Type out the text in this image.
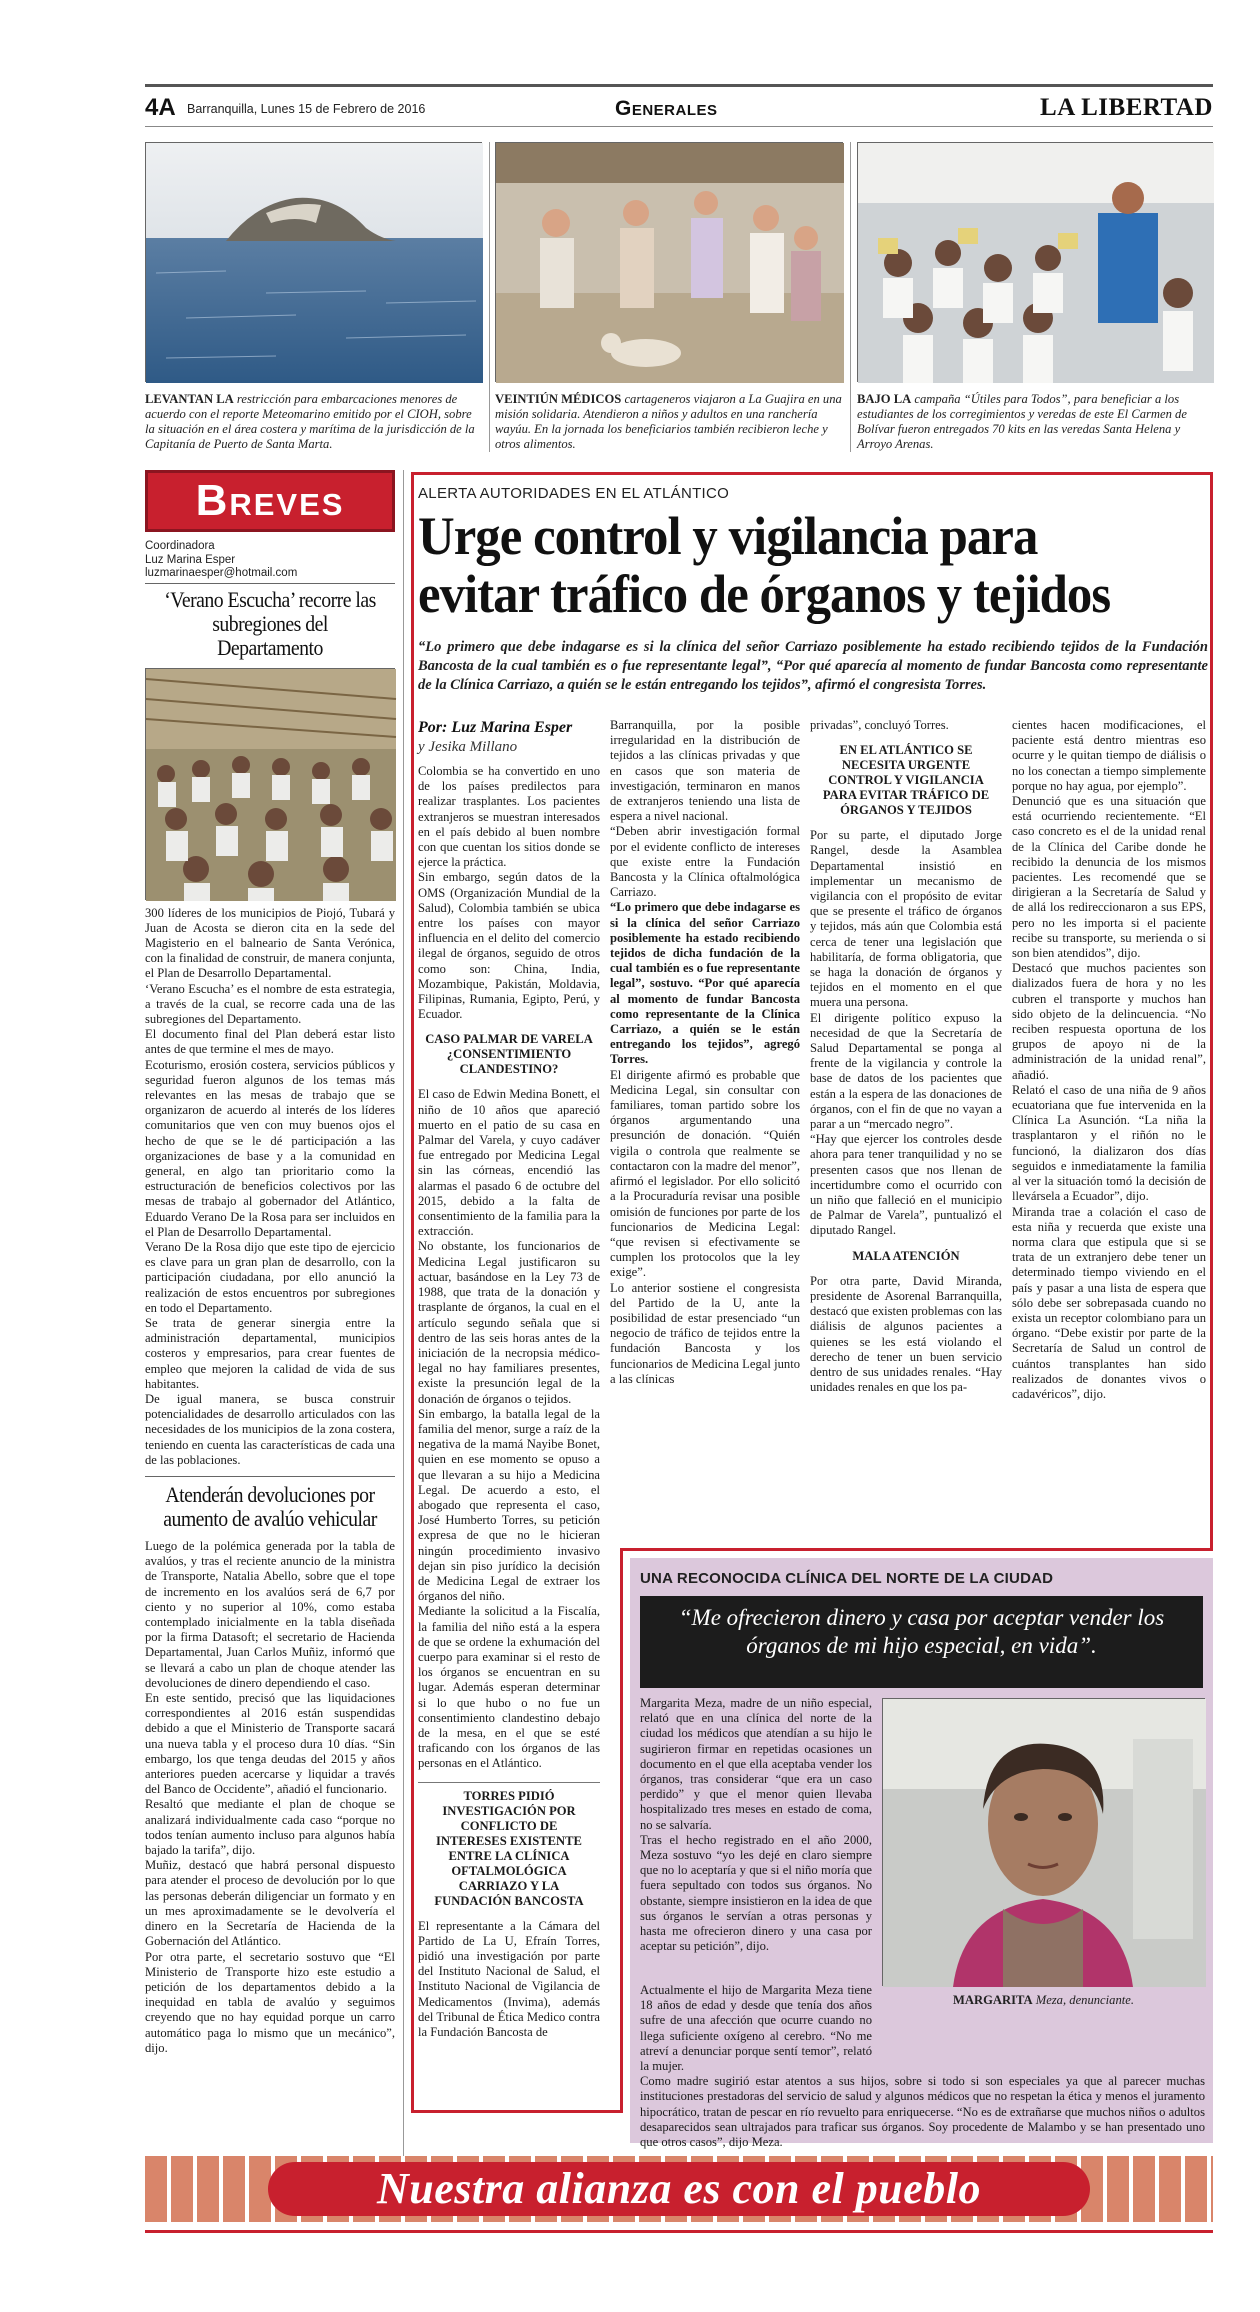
4A Barranquilla, Lunes 15 de Febrero de 2016	Generales	LA LIBERTAD
LEVANTAN LA restricción para embarcaciones menores de acuerdo con el reporte Meteomarino emitido por el CIOH, sobre la situación en el área costera y marítima de la jurisdicción de la Capitanía de Puerto de Santa Marta.
VEINTIÚN MÉDICOS cartageneros viajaron a La Guajira en una misión solidaria. Atendieron a niños y adultos en una ranchería wayúu. En la jornada los beneficiarios también recibieron leche y otros alimentos.
BAJO LA campaña “Útiles para Todos”, para beneficiar a los estudiantes de los corregimientos y veredas de este El Carmen de Bolívar fueron entregados 70 kits en las veredas Santa Helena y Arroyo Arenas.
Breves
Coordinadora
Luz Marina Esper
luzmarinaesper@hotmail.com
‘Verano Escucha’ recorre las subregiones del Departamento

300 líderes de los municipios de Piojó, Tubará y Juan de Acosta se dieron cita en la sede del Magisterio en el balneario de Santa Verónica, con la finalidad de construir, de manera conjunta, el Plan de Desarrollo Departamental.

‘Verano Escucha’ es el nombre de esta estrategia, a través de la cual, se recorre cada una de las subregiones del Departamento.

El documento final del Plan deberá estar listo antes de que termine el mes de mayo.

Ecoturismo, erosión costera, servicios públicos y seguridad fueron algunos de los temas más relevantes en las mesas de trabajo que se organizaron de acuerdo al interés de los líderes comunitarios que ven con muy buenos ojos el hecho de que se le dé participación a las organizaciones de base y a la comunidad en general, en algo tan prioritario como la estructuración de beneficios colectivos por las mesas de trabajo al gobernador del Atlántico, Eduardo Verano De la Rosa para ser incluidos en el Plan de Desarrollo Departamental.

Verano De la Rosa dijo que este tipo de ejercicio es clave para un gran plan de desarrollo, con la participación ciudadana, por ello anunció la realización de estos encuentros por subregiones en todo el Departamento.

Se trata de generar sinergia entre la administración departamental, municipios costeros y empresarios, para crear fuentes de empleo que mejoren la calidad de vida de sus habitantes.

De igual manera, se busca construir potencialidades de desarrollo articulados con las necesidades de los municipios de la zona costera, teniendo en cuenta las características de cada una de las poblaciones.

Atenderán devoluciones por aumento de avalúo vehicular

Luego de la polémica generada por la tabla de avalúos, y tras el reciente anuncio de la ministra de Transporte, Natalia Abello, sobre que el tope de incremento en los avalúos será de 6,7 por ciento y no superior al 10%, como estaba contemplado inicialmente en la tabla diseñada por la firma Datasoft; el secretario de Hacienda Departamental, Juan Carlos Muñiz, informó que se llevará a cabo un plan de choque atender las devoluciones de dinero dependiendo el caso.

En este sentido, precisó que las liquidaciones correspondientes al 2016 están suspendidas debido a que el Ministerio de Transporte sacará una nueva tabla y el proceso dura 10 días. “Sin embargo, los que tenga deudas del 2015 y años anteriores pueden acercarse y liquidar a través del Banco de Occidente”, añadió el funcionario.

Resaltó que mediante el plan de choque se analizará individualmente cada caso “porque no todos tenían aumento incluso para algunos había bajado la tarifa”, dijo.

Muñiz, destacó que habrá personal dispuesto para atender el proceso de devolución por lo que las personas deberán diligenciar un formato y en un mes aproximadamente se le devolvería el dinero en la Secretaría de Hacienda de la Gobernación del Atlántico.

Por otra parte, el secretario sostuvo que “El Ministerio de Transporte hizo este estudio a petición de los departamentos debido a la inequidad en tabla de avalúo y seguimos creyendo que no hay equidad porque un carro automático paga lo mismo que un mecánico”, dijo.

ALERTA AUTORIDADES EN EL ATLÁNTICO
Urge control y vigilancia para
evitar tráfico de órganos y tejidos
“Lo primero que debe indagarse es si la clínica del señor Carriazo posiblemente ha estado recibiendo tejidos de la Fundación Bancosta de la cual también es o fue representante legal”, “Por qué aparecía al momento de fundar Bancosta como representante de la Clínica Carriazo, a quién se le están entregando los tejidos”, afirmó el congresista Torres.
Por: Luz Marina Esper
y Jesika Millano

Colombia se ha convertido en uno de los países predilectos para realizar trasplantes. Los pacientes extranjeros se muestran interesados en el país debido al buen nombre con que cuentan los sitios donde se ejerce la práctica.

Sin embargo, según datos de la OMS (Organización Mundial de la Salud), Colombia también se ubica entre los países con mayor influencia en el delito del comercio ilegal de órganos, seguido de otros como son: China, India, Mozambique, Pakistán, Moldavia, Filipinas, Rumania, Egipto, Perú, y Ecuador.

CASO PALMAR DE VARELA ¿CONSENTIMIENTO CLANDESTINO?

El caso de Edwin Medina Bonett, el niño de 10 años que apareció muerto en el patio de su casa en Palmar del Varela, y cuyo cadáver fue entregado por Medicina Legal sin las córneas, encendió las alarmas el pasado 6 de octubre del 2015, debido a la falta de consentimiento de la familia para la extracción.

No obstante, los funcionarios de Medicina Legal justificaron su actuar, basándose en la Ley 73 de 1988, que trata de la donación y trasplante de órganos, la cual en el artículo segundo señala que si dentro de las seis horas antes de la iniciación de la necropsia médico-legal no hay familiares presentes, existe la presunción legal de la donación de órganos o tejidos.

Sin embargo, la batalla legal de la familia del menor, surge a raíz de la negativa de la mamá Nayibe Bonet, quien en ese momento se opuso a que llevaran a su hijo a Medicina Legal. De acuerdo a esto, el abogado que representa el caso, José Humberto Torres, su petición expresa de que no le hicieran ningún procedimiento invasivo dejan sin piso jurídico la decisión de Medicina Legal de extraer los órganos del niño.

Mediante la solicitud a la Fiscalía, la familia del niño está a la espera de que se ordene la exhumación del cuerpo para examinar si el resto de los órganos se encuentran en su lugar. Además esperan determinar si lo que hubo o no fue un consentimiento clandestino debajo de la mesa, en el que se esté traficando con los órganos de las personas en el Atlántico.

TORRES PIDIÓ INVESTIGACIÓN POR CONFLICTO DE INTERESES EXISTENTE ENTRE LA CLÍNICA OFTALMOLÓGICA CARRIAZO Y LA FUNDACIÓN BANCOSTA

El representante a la Cámara del Partido de La U, Efraín Torres, pidió una investigación por parte del Instituto Nacional de Salud, el Instituto Nacional de Vigilancia de Medicamentos (Invima), además del Tribunal de Ética Medico contra la Fundación Bancosta de

Barranquilla, por la posible irregularidad en la distribución de tejidos a las clínicas privadas y que en casos que son materia de investigación, terminaron en manos de extranjeros teniendo una lista de espera a nivel nacional.

“Deben abrir investigación formal por el evidente conflicto de intereses que existe entre la Fundación Bancosta y la Clínica oftalmológica Carriazo.

“Lo primero que debe indagarse es si la clínica del señor Carriazo posiblemente ha estado recibiendo tejidos de dicha fundación de la cual también es o fue representante legal”, sostuvo. “Por qué aparecía al momento de fundar Bancosta como representante de la Clínica Carriazo, a quién se le están entregando los tejidos”, agregó Torres.

El dirigente afirmó es probable que Medicina Legal, sin consultar con familiares, toman partido sobre los órganos argumentando una presunción de donación. “Quién vigila o controla que realmente se contactaron con la madre del menor”, afirmó el legislador. Por ello solicitó a la Procuraduría revisar una posible omisión de funciones por parte de los funcionarios de Medicina Legal: “que revisen si efectivamente se cumplen los protocolos que la ley exige”.

Lo anterior sostiene el congresista del Partido de la U, ante la posibilidad de estar presenciado “un negocio de tráfico de tejidos entre la fundación Bancosta y los funcionarios de Medicina Legal junto a las clínicas

privadas”, concluyó Torres.

EN EL ATLÁNTICO SE NECESITA URGENTE CONTROL Y VIGILANCIA PARA EVITAR TRÁFICO DE ÓRGANOS Y TEJIDOS

Por su parte, el diputado Jorge Rangel, desde la Asamblea Departamental insistió en implementar un mecanismo de vigilancia con el propósito de evitar que se presente el tráfico de órganos y tejidos, más aún que Colombia está cerca de tener una legislación que habilitaría, de forma obligatoria, que se haga la donación de órganos y tejidos en el momento en el que muera una persona.

El dirigente político expuso la necesidad de que la Secretaría de Salud Departamental se ponga al frente de la vigilancia y controle la base de datos de los pacientes que están a la espera de las donaciones de órganos, con el fin de que no vayan a parar a un “mercado negro”.

“Hay que ejercer los controles desde ahora para tener tranquilidad y no se presenten casos que nos llenan de incertidumbre como el ocurrido con un niño que falleció en el municipio de Palmar de Varela”, puntualizó el diputado Rangel.

MALA ATENCIÓN

Por otra parte, David Miranda, presidente de Asorenal Barranquilla, destacó que existen problemas con las diálisis de algunos pacientes a quienes se les está violando el derecho de tener un buen servicio dentro de sus unidades renales. “Hay unidades renales en que los pa-

cientes hacen modificaciones, el paciente está dentro mientras eso ocurre y le quitan tiempo de diálisis o no los conectan a tiempo simplemente porque no hay agua, por ejemplo”.

Denunció que es una situación que está ocurriendo recientemente. “El caso concreto es el de la unidad renal de la Clínica del Caribe donde he recibido la denuncia de los mismos pacientes. Les recomendé que se dirigieran a la Secretaría de Salud y de allá los redireccionaron a sus EPS, pero no les importa si el paciente recibe su transporte, su merienda o si son bien atendidos”, dijo.

Destacó que muchos pacientes son dializados fuera de hora y no les cubren el transporte y muchos han sido objeto de la delincuencia. “No reciben respuesta oportuna de los grupos de apoyo ni de la administración de la unidad renal”, añadió.

Relató el caso de una niña de 9 años ecuatoriana que fue intervenida en la Clínica La Asunción. “La niña la trasplantaron y el riñón no le funcionó, la dializaron dos días seguidos e inmediatamente la familia al ver la situación tomó la decisión de llevársela a Ecuador”, dijo.

Miranda trae a colación el caso de esta niña y recuerda que existe una norma clara que estipula que si se trata de un extranjero debe tener un determinado tiempo viviendo en el país y pasar a una lista de espera que sólo debe ser sobrepasada cuando no exista un receptor colombiano para un órgano. “Debe existir por parte de la Secretaría de Salud un control de cuántos transplantes han sido realizados de donantes vivos o cadavéricos”, dijo.

UNA RECONOCIDA CLÍNICA DEL NORTE DE LA CIUDAD
“Me ofrecieron dinero y casa por aceptar vender los órganos de mi hijo especial, en vida”.

Margarita Meza, madre de un niño especial, relató que en una clínica del norte de la ciudad los médicos que atendían a su hijo le sugirieron firmar en repetidas ocasiones un documento en el que ella aceptaba vender los órganos, tras considerar “que era un caso perdido” y que el menor quien llevaba hospitalizado tres meses en estado de coma, no se salvaría.

Tras el hecho registrado en el año 2000, Meza sostuvo “yo les dejé en claro siempre que no lo aceptaría y que si el niño moría que fuera sepultado con todos sus órganos. No obstante, siempre insistieron en la idea de que sus órganos le servían a otras personas y hasta me ofrecieron dinero y una casa por aceptar su petición”, dijo.

MARGARITA Meza, denunciante.

Actualmente el hijo de Margarita Meza tiene 18 años de edad y desde que tenía dos años sufre de una afección que ocurre cuando no llega suficiente oxígeno al cerebro. “No me atreví a denunciar porque sentí temor”, relató la mujer.

Como madre sugirió estar atentos a sus hijos, sobre si todo si son especiales ya que al parecer muchas instituciones prestadoras del servicio de salud y algunos médicos que no respetan la ética y menos el juramento hipocrático, tratan de pescar en río revuelto para enriquecerse. “No es de extrañarse que muchos niños o adultos desaparecidos sean ultrajados para traficar sus órganos. Soy procedente de Malambo y se han presentado uno que otros casos”, dijo Meza.

Nuestra alianza es con el pueblo
